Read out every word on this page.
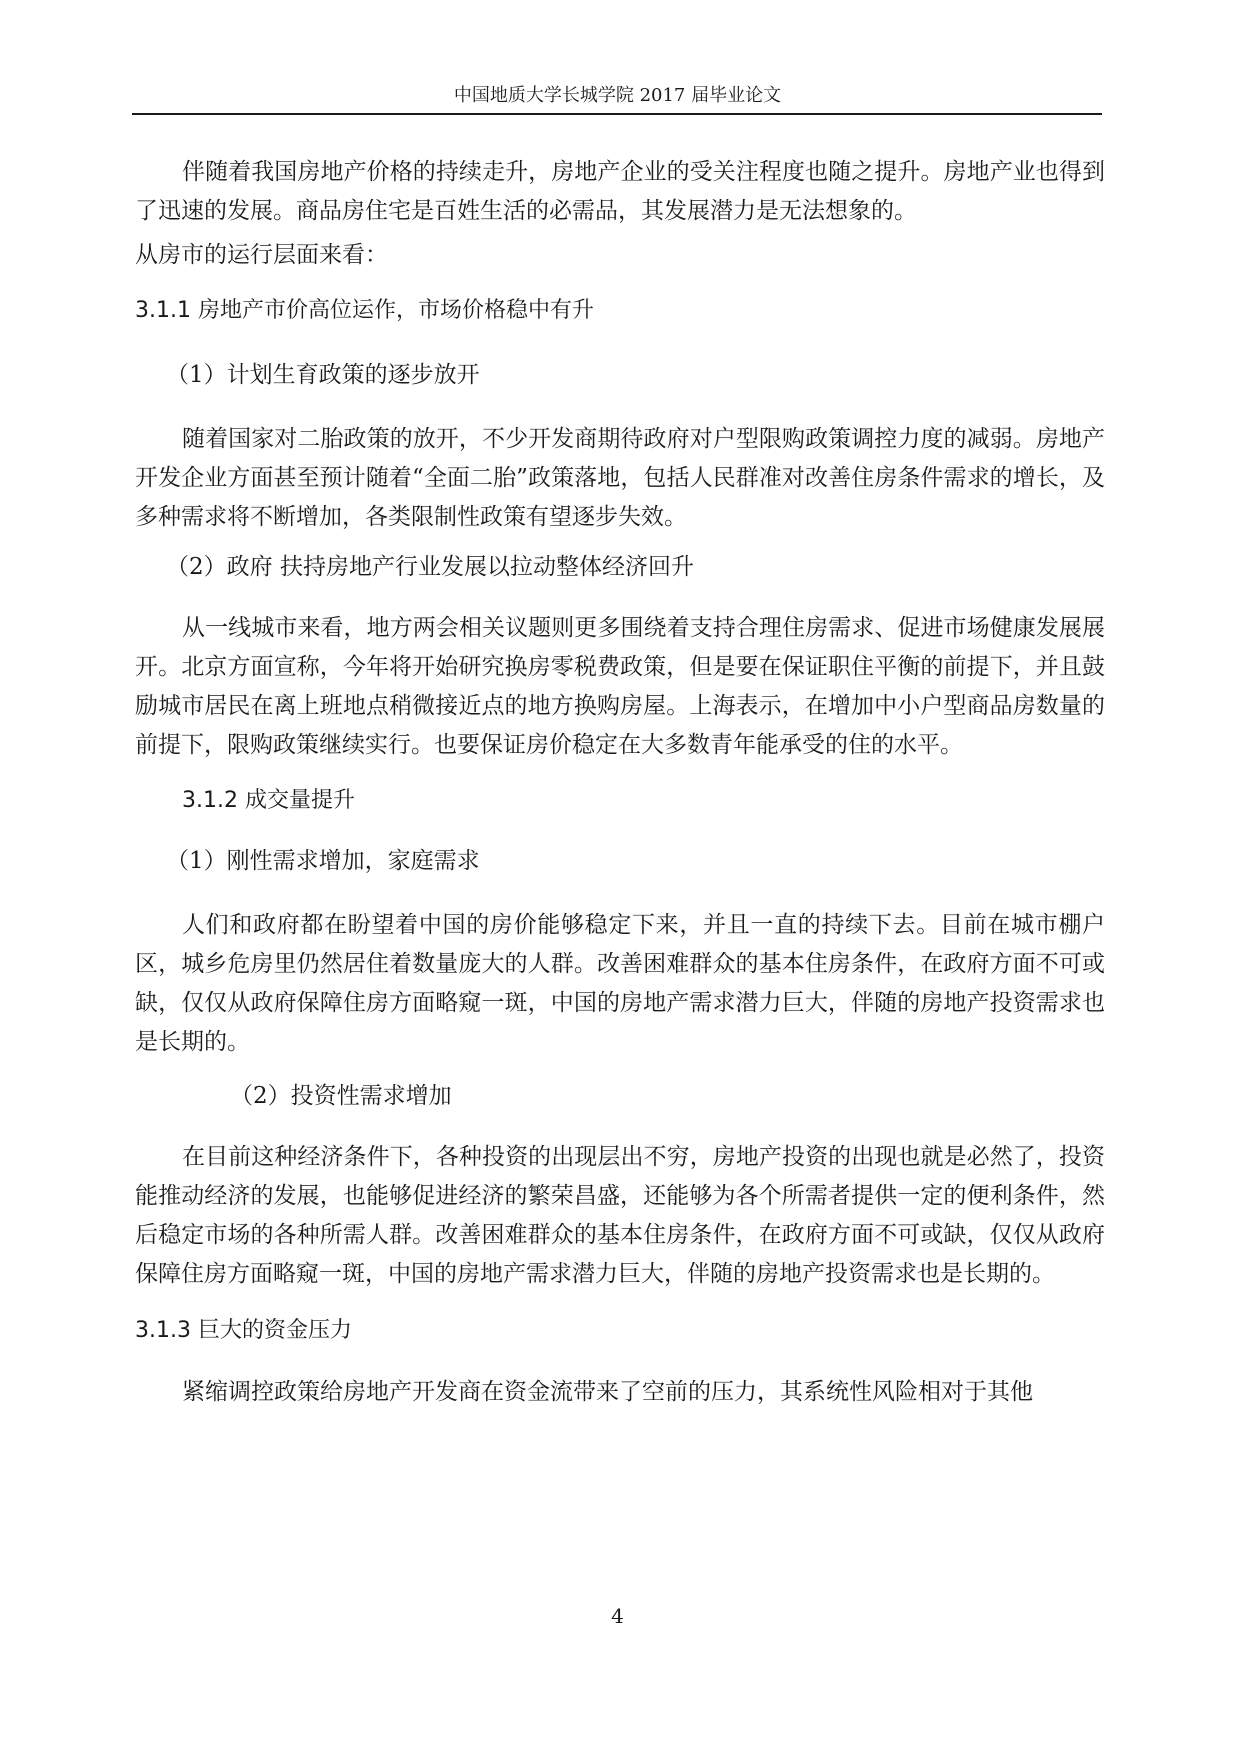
中国地质大学长城学院 2017 届毕业论文
伴随着我国房地产价格的持续走升，房地产企业的受关注程度也随之提升。房地产业也得到了迅速的发展。商品房住宅是百姓生活的必需品，其发展潜力是无法想象的。
从房市的运行层面来看：
3.1.1 房地产市价高位运作，市场价格稳中有升
（1）计划生育政策的逐步放开
随着国家对二胎政策的放开，不少开发商期待政府对户型限购政策调控力度的减弱。房地产开发企业方面甚至预计随着“全面二胎”政策落地，包括人民群准对改善住房条件需求的增长，及多种需求将不断增加，各类限制性政策有望逐步失效。
（2）政府 扶持房地产行业发展以拉动整体经济回升
从一线城市来看，地方两会相关议题则更多围绕着支持合理住房需求、促进市场健康发展展开。北京方面宣称，今年将开始研究换房零税费政策，但是要在保证职住平衡的前提下，并且鼓励城市居民在离上班地点稍微接近点的地方换购房屋。上海表示，在增加中小户型商品房数量的前提下，限购政策继续实行。也要保证房价稳定在大多数青年能承受的住的水平。
3.1.2 成交量提升
（1）刚性需求增加，家庭需求
人们和政府都在盼望着中国的房价能够稳定下来，并且一直的持续下去。目前在城市棚户区，城乡危房里仍然居住着数量庞大的人群。改善困难群众的基本住房条件，在政府方面不可或缺，仅仅从政府保障住房方面略窥一斑，中国的房地产需求潜力巨大，伴随的房地产投资需求也是长期的。
（2）投资性需求增加
在目前这种经济条件下，各种投资的出现层出不穷，房地产投资的出现也就是必然了，投资能推动经济的发展，也能够促进经济的繁荣昌盛，还能够为各个所需者提供一定的便利条件，然后稳定市场的各种所需人群。改善困难群众的基本住房条件，在政府方面不可或缺，仅仅从政府保障住房方面略窥一斑，中国的房地产需求潜力巨大，伴随的房地产投资需求也是长期的。
3.1.3 巨大的资金压力
紧缩调控政策给房地产开发商在资金流带来了空前的压力，其系统性风险相对于其他
4
